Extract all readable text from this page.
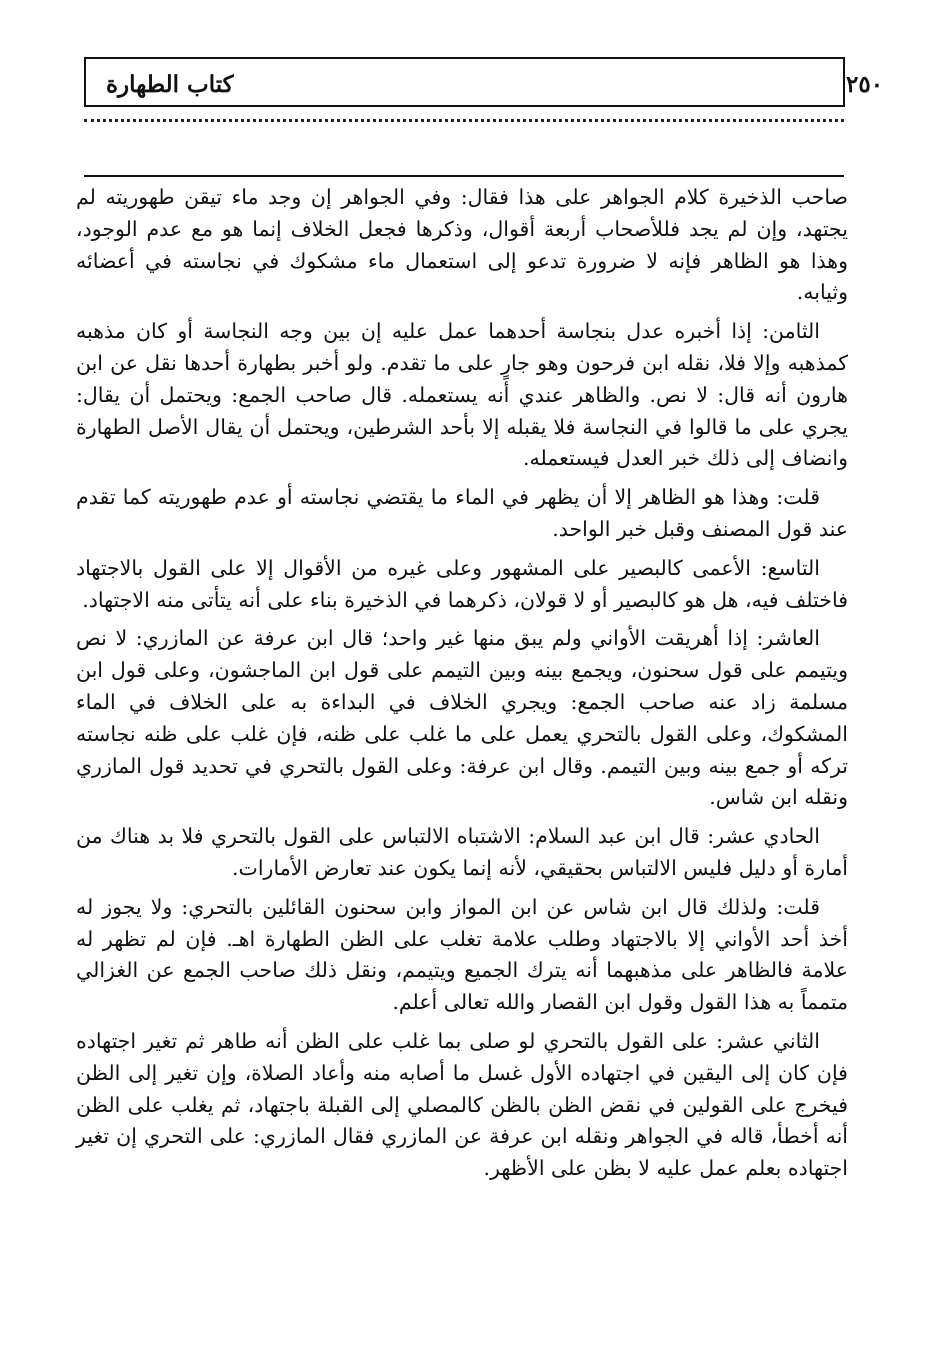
٢٥٠
كتاب الطهارة

صاحب الذخيرة كلام الجواهر على هذا فقال: وفي الجواهر إن وجد ماء تيقن طهوريته لم يجتهد، وإن لم يجد فللأصحاب أربعة أقوال، وذكرها فجعل الخلاف إنما هو مع عدم الوجود، وهذا هو الظاهر فإنه لا ضرورة تدعو إلى استعمال ماء مشكوك في نجاسته في أعضائه وثيابه.

الثامن: إذا أخبره عدل بنجاسة أحدهما عمل عليه إن بين وجه النجاسة أو كان مذهبه كمذهبه وإلا فلا، نقله ابن فرحون وهو جارٍ على ما تقدم. ولو أخبر بطهارة أحدها نقل عن ابن هارون أنه قال: لا نص. والظاهر عندي أنه يستعمله. قال صاحب الجمع: ويحتمل أن يقال: يجري على ما قالوا في النجاسة فلا يقبله إلا بأحد الشرطين، ويحتمل أن يقال الأصل الطهارة وانضاف إلى ذلك خبر العدل فيستعمله.

قلت: وهذا هو الظاهر إلا أن يظهر في الماء ما يقتضي نجاسته أو عدم طهوريته كما تقدم عند قول المصنف وقبل خبر الواحد.

التاسع: الأعمى كالبصير على المشهور وعلى غيره من الأقوال إلا على القول بالاجتهاد فاختلف فيه، هل هو كالبصير أو لا قولان، ذكرهما في الذخيرة بناء على أنه يتأتى منه الاجتهاد.

العاشر: إذا أهريقت الأواني ولم يبق منها غير واحد؛ قال ابن عرفة عن المازري: لا نص ويتيمم على قول سحنون، ويجمع بينه وبين التيمم على قول ابن الماجشون، وعلى قول ابن مسلمة زاد عنه صاحب الجمع: ويجري الخلاف في البداءة به على الخلاف في الماء المشكوك، وعلى القول بالتحري يعمل على ما غلب على ظنه، فإن غلب على ظنه نجاسته تركه أو جمع بينه وبين التيمم. وقال ابن عرفة: وعلى القول بالتحري في تحديد قول المازري ونقله ابن شاس.

الحادي عشر: قال ابن عبد السلام: الاشتباه الالتباس على القول بالتحري فلا بد هناك من أمارة أو دليل فليس الالتباس بحقيقي، لأنه إنما يكون عند تعارض الأمارات.

قلت: ولذلك قال ابن شاس عن ابن المواز وابن سحنون القائلين بالتحري: ولا يجوز له أخذ أحد الأواني إلا بالاجتهاد وطلب علامة تغلب على الظن الطهارة اهـ. فإن لم تظهر له علامة فالظاهر على مذهبهما أنه يترك الجميع ويتيمم، ونقل ذلك صاحب الجمع عن الغزالي متمماً به هذا القول وقول ابن القصار والله تعالى أعلم.

الثاني عشر: على القول بالتحري لو صلى بما غلب على الظن أنه طاهر ثم تغير اجتهاده فإن كان إلى اليقين في اجتهاده الأول غسل ما أصابه منه وأعاد الصلاة، وإن تغير إلى الظن فيخرج على القولين في نقض الظن بالظن كالمصلي إلى القبلة باجتهاد، ثم يغلب على الظن أنه أخطأ، قاله في الجواهر ونقله ابن عرفة عن المازري فقال المازري: على التحري إن تغير اجتهاده بعلم عمل عليه لا بظن على الأظهر.
